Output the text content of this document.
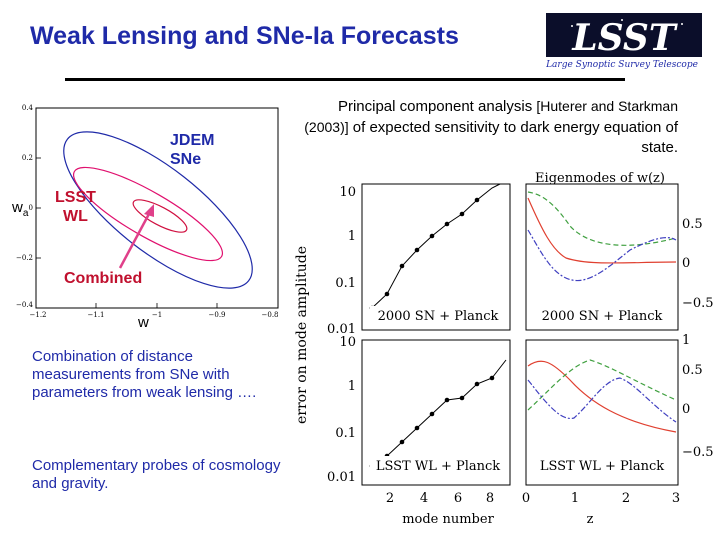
Weak Lensing and SNe-Ia Forecasts	LSST
Large Synoptic Survey Telescope
Principal component analysis [Huterer and Starkman (2003)] of expected sensitivity to dark energy equation of state.
0.4
0.2
0
−0.2
−0.4
−1.2	−1.1	−1	−0.9	−0.8
JDEM
SNe
LSST
WL
Combined
$w_a$
w
Combination of distance measurements from SNe with parameters from weak lensing ….
Complementary probes of cosmology and gravity.
Eigenmodes of w(z)
error on mode amplitude
mode number	z
10
1
0.1
0.01
10
1
0.1
0.01
0.5
0
−0.5
0.5
0
−0.5
1
2 4 6 8 0	1	2	3
2000 SN + Planck	2000 SN + Planck
LSST WL + Planck	LSST WL + Planck
